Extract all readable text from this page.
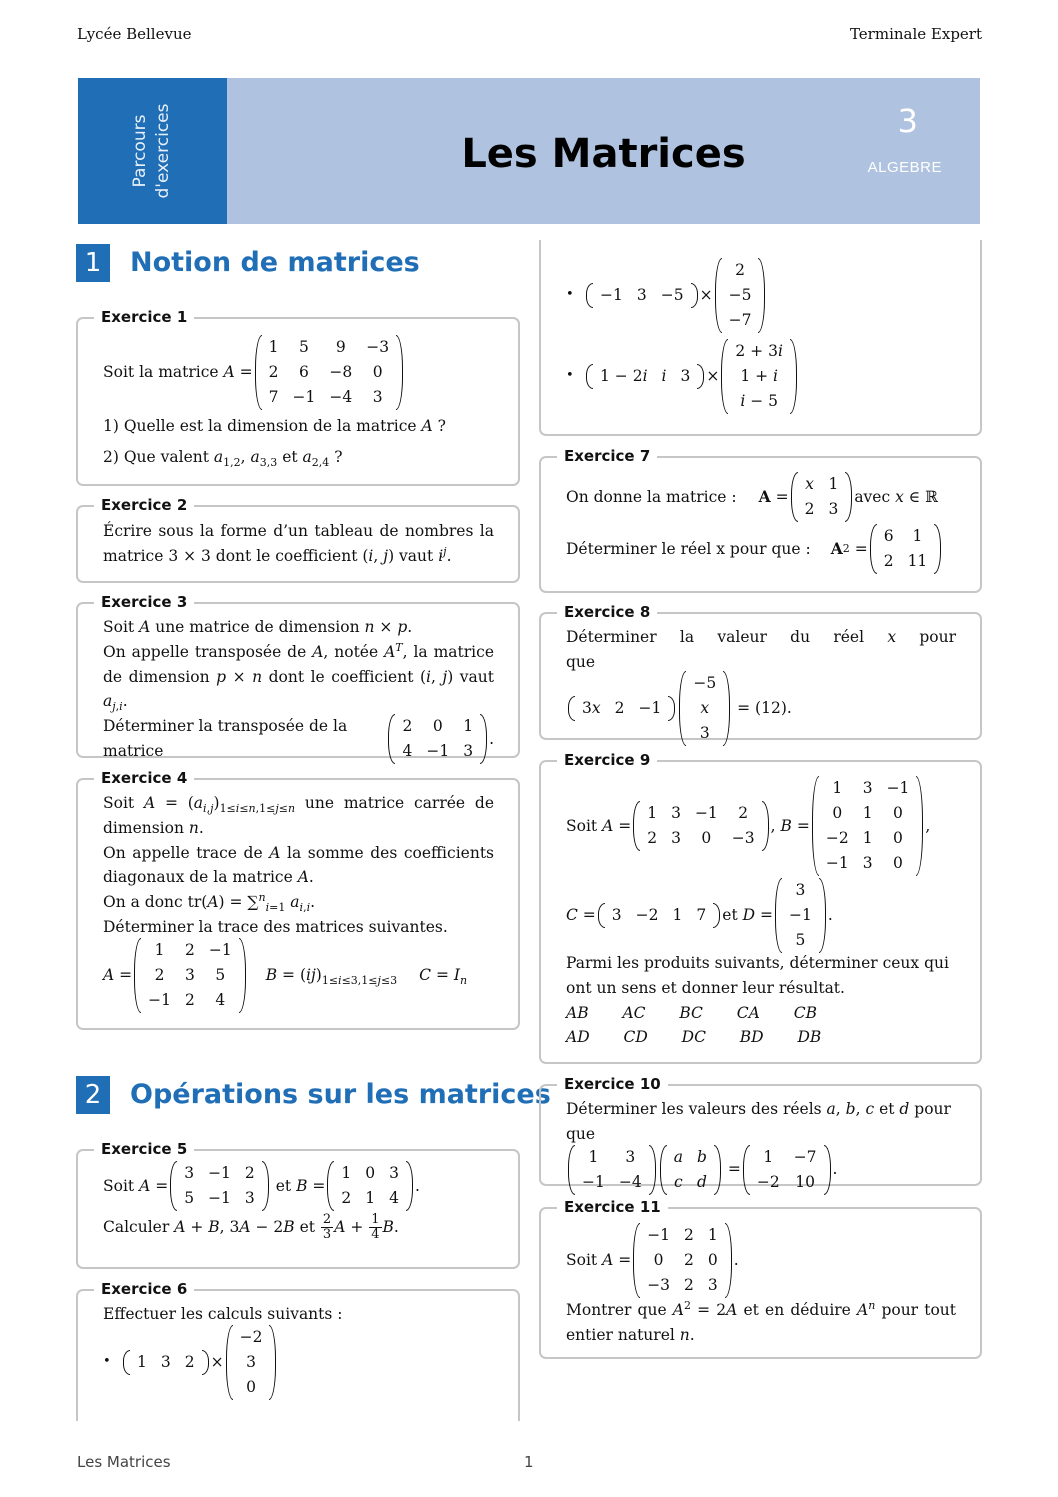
Lycée Bellevue	Terminale Expert
Parcours d'exercices	Les Matrices
3
ALGEBRE
1	Notion de matrices
Exercice 1
Soit la matrice
A =
1	5	9	−3
2	6	−8	0
7	−1	−4	3

1) Quelle est la dimension de la matrice A ?

2) Que valent $a_{1,2}$, $a_{3,3}$ et $a_{2,4}$ ?

Exercice 2

Écrire sous la forme d’un tableau de nombres la matrice 3 × 3 dont le coefficient (i, j) vaut $i^j$.

Exercice 3

Soit A une matrice de dimension n × p.

On appelle transposée de A, notée $A^T$, la matrice de dimension p × n dont le coefficient (i, j) vaut $a_{j,i}$.

Déterminer la transposée de la matrice
2	0	1
4	−1	3
.
Exercice 4

Soit $A = (a_{i,j})_{1\le i\le n,1\le j\le n}$ une matrice carrée de dimension n.

On appelle trace de A la somme des coefficients diagonaux de la matrice A.

On a donc tr(A) = ∑$^n_{i=1}$ $a_{i,i}$.

Déterminer la trace des matrices suivantes.

A =
1	2	−1
2	3	5
−1	2	4
$B = (ij)_{1\le i\le 3,1\le j\le 3}$ $C = I_n$
2	Opérations sur les matrices
Exercice 5
Soit A =
3	−1	2
5	−1	3
et B =
1	0	3
2	1	4
.
Calculer A + B , 3 A − 2 B et $\frac{2}{3}$ $A + \frac{1}{4}$ B .
Exercice 6

Effectuer les calculs suivants :

•	1	3	2 ×
−2
3
0
•	−1	3	−5 ×
2
−5
−7
•	1 − 2i	i	3 ×
2 + 3i
1 + i
i − 5
Exercice 7
On donne la matrice : A =
x	1
2	3
avec x ∈ ℝ
Déterminer le réel x pour que : A 2 =
6	1
2	11
Exercice 8

Déterminer la valeur du réel x pour que

3x	2	−1
−5
x
3
= (12).
Exercice 9
Soit A =
1	3	−1	2
2	3	0	−3
, B =
1	3	−1
0	1	0
−2	1	0
−1	3	0
,
C = 3	−2	1	7 et D =
3
−1
5
.

Parmi les produits suivants, déterminer ceux qui ont un sens et donner leur résultat.

AB AC BC CA CB

AD CD DC BD DB

Exercice 10

Déterminer les valeurs des réels a, b, c et d pour que

1	3
−1	−4
a	b
c	d
=
1	−7
−2	10
.
Exercice 11
Soit A =
−1	2	1
0	2	0
−3	2	3
.

Montrer que $A^2 = 2A$ et en déduire $A^n$ pour tout entier naturel n.

Les Matrices	1
